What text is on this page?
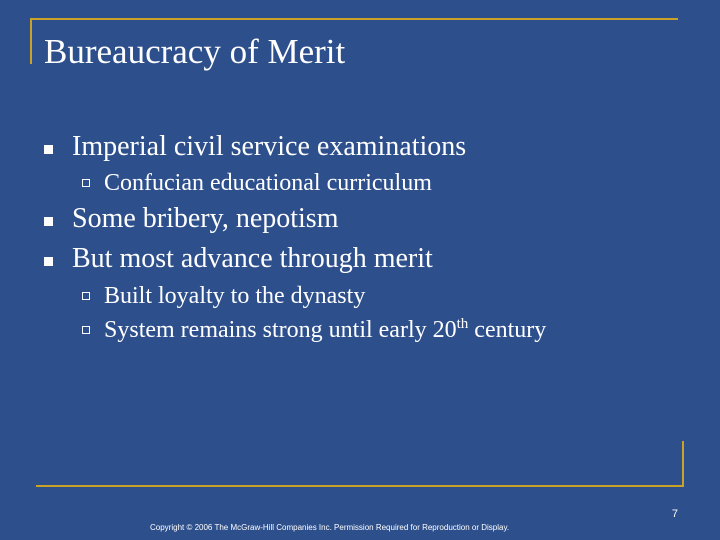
Bureaucracy of Merit
Imperial civil service examinations
Confucian educational curriculum
Some bribery, nepotism
But most advance through merit
Built loyalty to the dynasty
System remains strong until early 20th century
7
Copyright © 2006 The McGraw-Hill Companies Inc. Permission Required for Reproduction or Display.
